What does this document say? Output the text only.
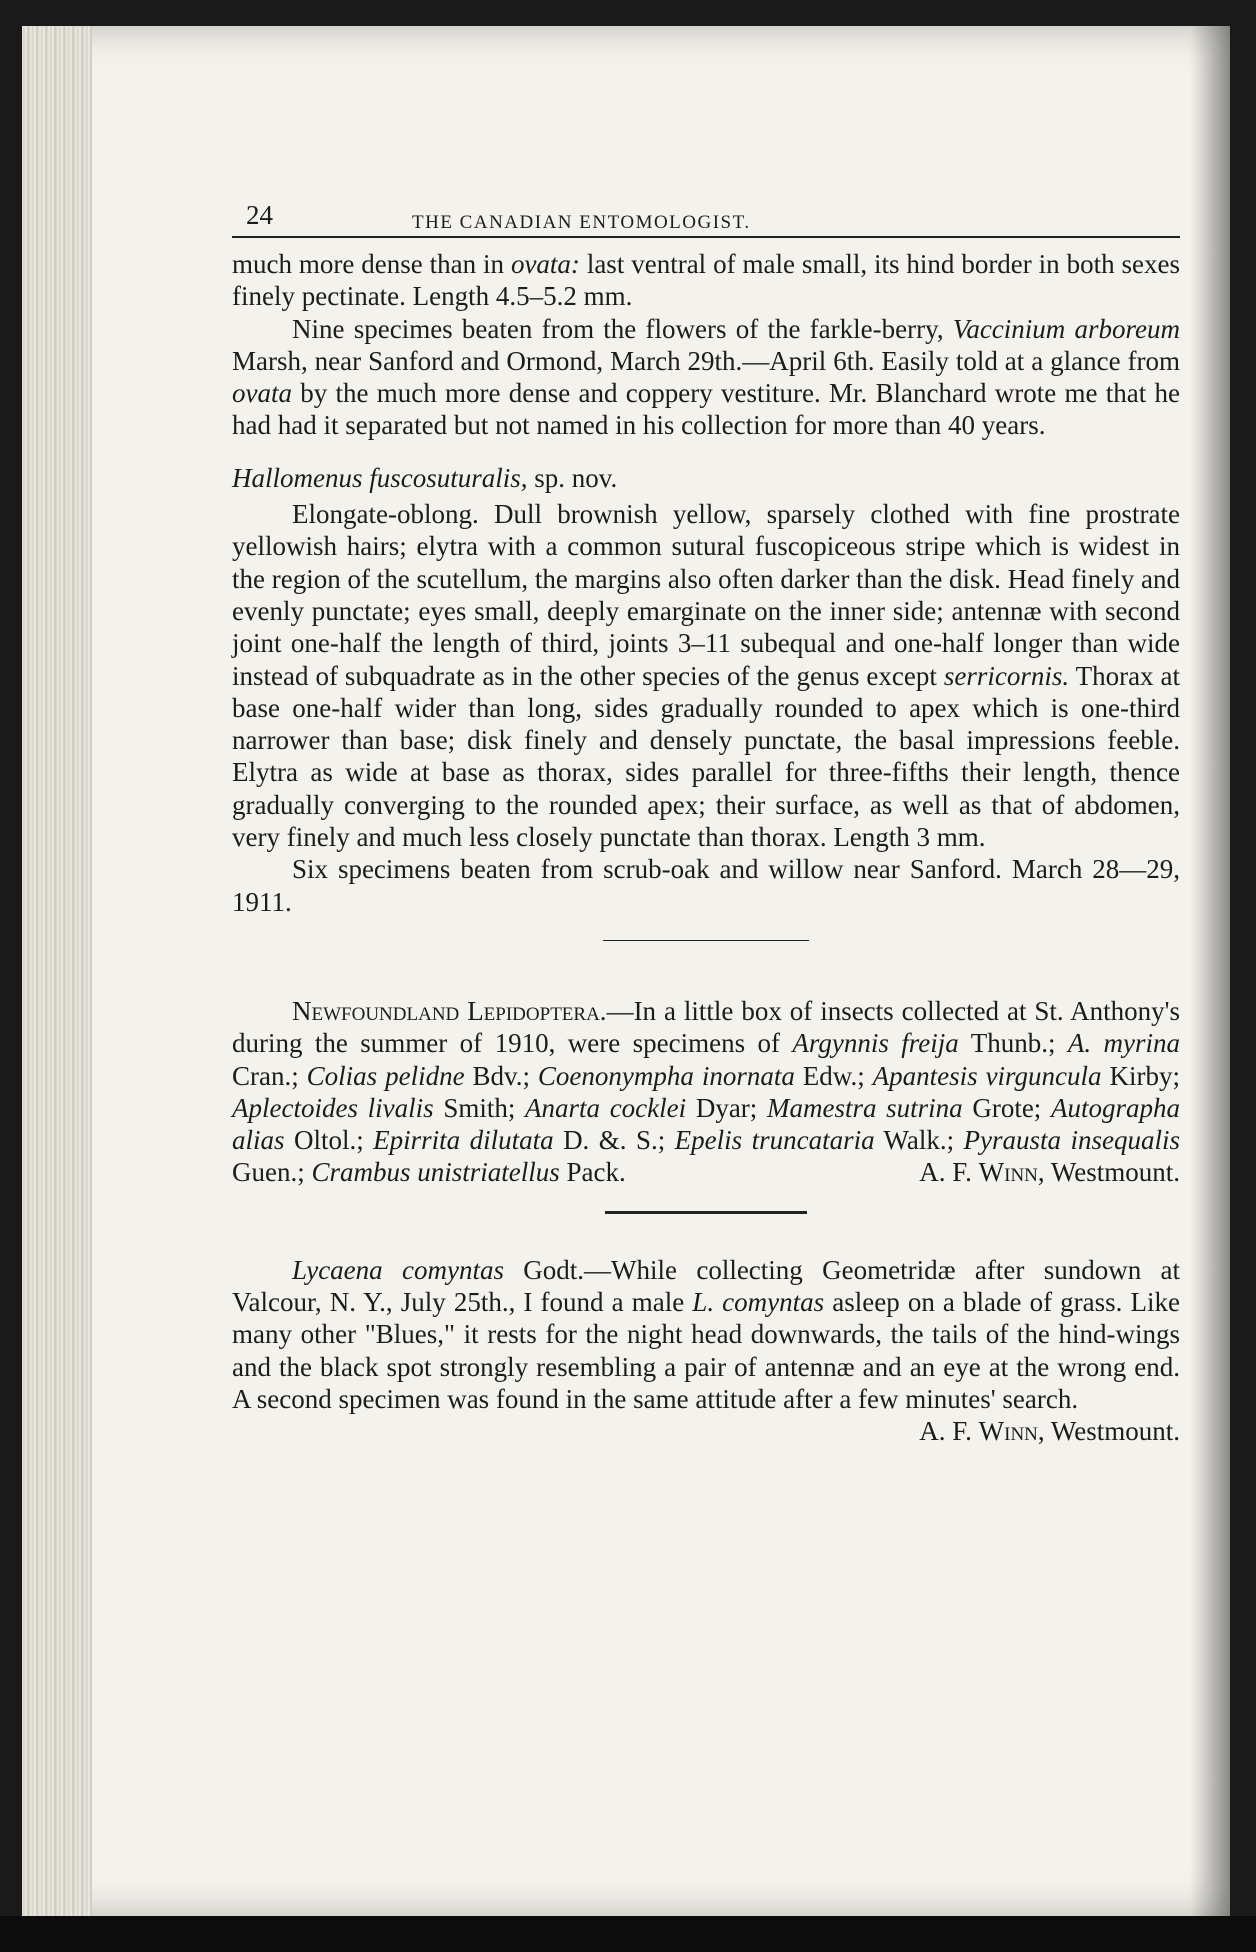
24	THE CANADIAN ENTOMOLOGIST.

much more dense than in ovata: last ventral of male small, its hind border in both sexes finely pectinate. Length 4.5–5.2 mm.

Nine specimes beaten from the flowers of the farkle-berry, Vaccinium arboreum Marsh, near Sanford and Ormond, March 29th.—April 6th. Easily told at a glance from ovata by the much more dense and coppery vestiture. Mr. Blanchard wrote me that he had had it separated but not named in his collection for more than 40 years.

Hallomenus fuscosuturalis, sp. nov.

Elongate-oblong. Dull brownish yellow, sparsely clothed with fine prostrate yellowish hairs; elytra with a common sutural fuscopiceous stripe which is widest in the region of the scutellum, the margins also often darker than the disk. Head finely and evenly punctate; eyes small, deeply emarginate on the inner side; antennæ with second joint one-half the length of third, joints 3–11 subequal and one-half longer than wide instead of subquadrate as in the other species of the genus except serricornis. Thorax at base one-half wider than long, sides gradually rounded to apex which is one-third narrower than base; disk finely and densely punctate, the basal impressions feeble. Elytra as wide at base as thorax, sides parallel for three-fifths their length, thence gradually converging to the rounded apex; their surface, as well as that of abdomen, very finely and much less closely punctate than thorax. Length 3 mm.

Six specimens beaten from scrub-oak and willow near Sanford. March 28—29, 1911.

Newfoundland Lepidoptera.—In a little box of insects collected at St. Anthony's during the summer of 1910, were specimens of Argynnis freija Thunb.; A. myrina Cran.; Colias pelidne Bdv.; Coenonympha inornata Edw.; Apantesis virguncula Kirby; Aplectoides livalis Smith; Anarta cocklei Dyar; Mamestra sutrina Grote; Autographa alias Oltol.; Epirrita dilutata D. &. S.; Epelis truncataria Walk.; Pyrausta insequalis Guen.; Crambus unistriatellus Pack.	A. F. Winn, Westmount.

Lycaena comyntas Godt.—While collecting Geometridæ after sundown at Valcour, N. Y., July 25th., I found a male L. comyntas asleep on a blade of grass. Like many other "Blues," it rests for the night head downwards, the tails of the hind-wings and the black spot strongly resembling a pair of antennæ and an eye at the wrong end. A second specimen was found in the same attitude after a few minutes' search.
A. F. Winn, Westmount.
